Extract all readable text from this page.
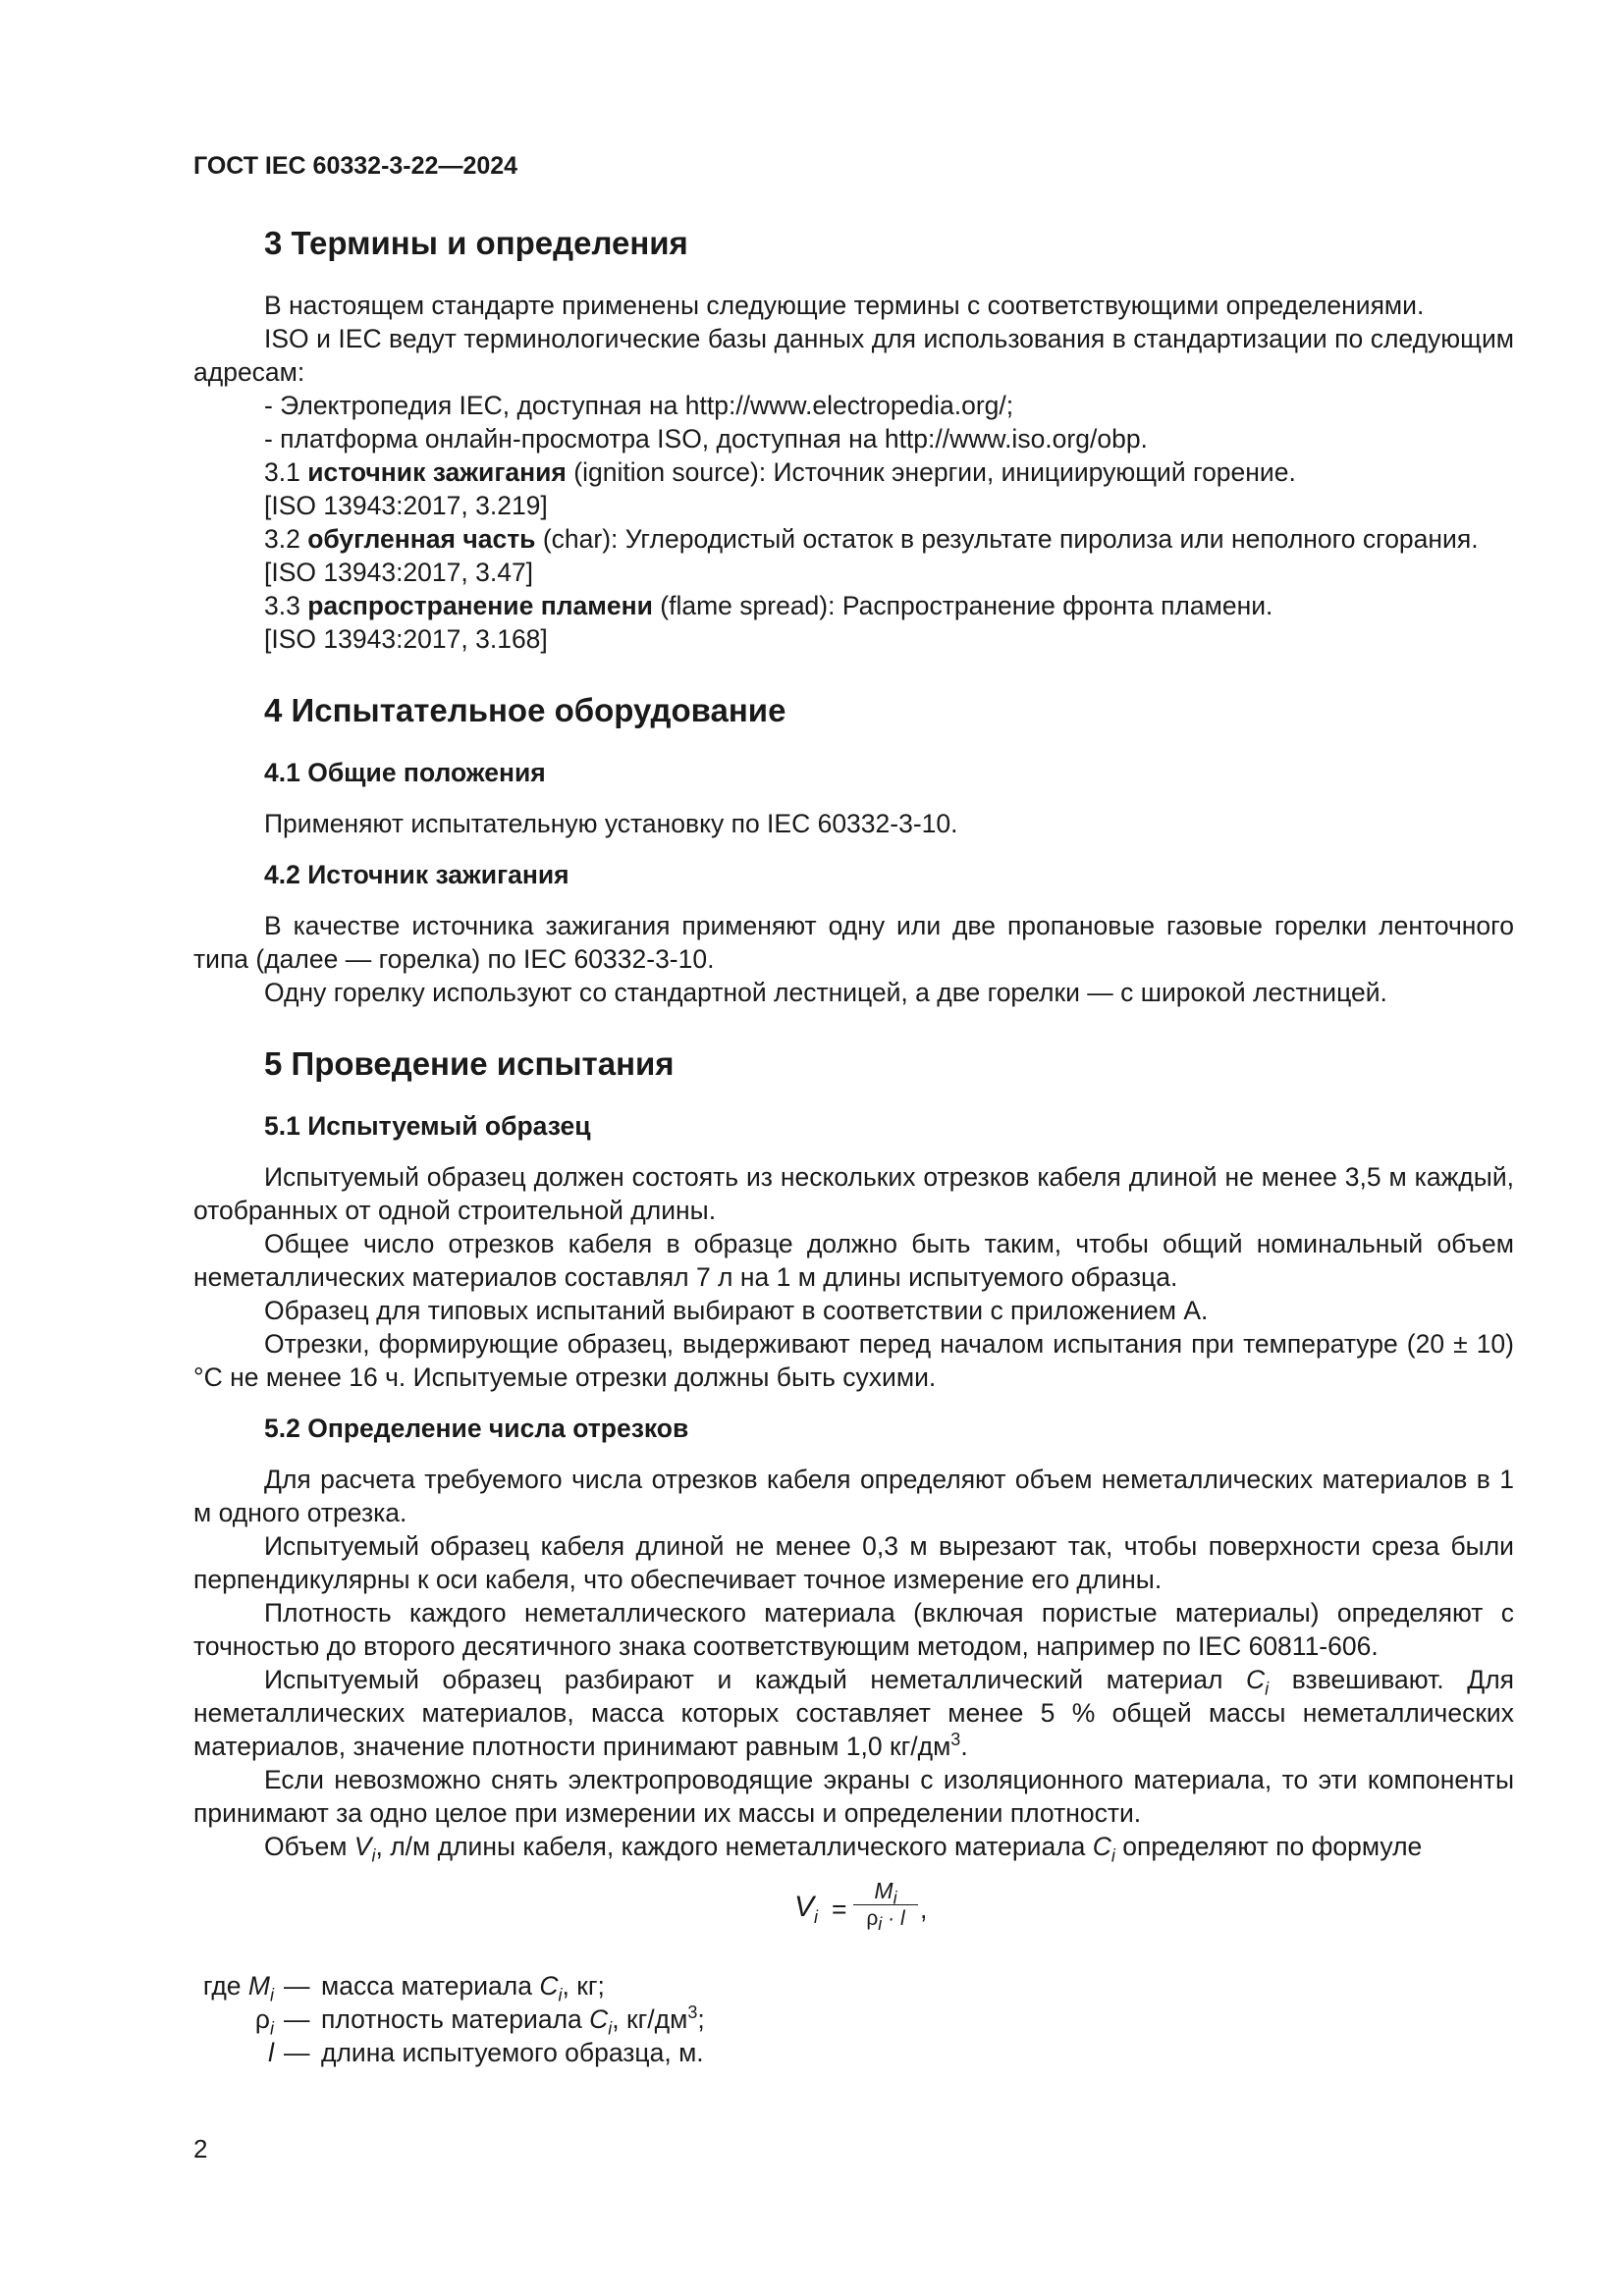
ГОСТ IEC 60332-3-22—2024
3 Термины и определения

В настоящем стандарте применены следующие термины с соответствующими определениями.

ISO и IEC ведут терминологические базы данных для использования в стандартизации по следующим адресам:

- Электропедия IEC, доступная на http://www.electropedia.org/;

- платформа онлайн-просмотра ISO, доступная на http://www.iso.org/obp.

3.1 источник зажигания (ignition source): Источник энергии, инициирующий горение.

[ISO 13943:2017, 3.219]

3.2 обугленная часть (char): Углеродистый остаток в результате пиролиза или неполного сгорания.

[ISO 13943:2017, 3.47]

3.3 распространение пламени (flame spread): Распространение фронта пламени.

[ISO 13943:2017, 3.168]

4 Испытательное оборудование
4.1 Общие положения

Применяют испытательную установку по IEC 60332-3-10.

4.2 Источник зажигания

В качестве источника зажигания применяют одну или две пропановые газовые горелки ленточного типа (далее — горелка) по IEC 60332-3-10.

Одну горелку используют со стандартной лестницей, а две горелки — с широкой лестницей.

5 Проведение испытания
5.1 Испытуемый образец

Испытуемый образец должен состоять из нескольких отрезков кабеля длиной не менее 3,5 м каждый, отобранных от одной строительной длины.

Общее число отрезков кабеля в образце должно быть таким, чтобы общий номинальный объем неметаллических материалов составлял 7 л на 1 м длины испытуемого образца.

Образец для типовых испытаний выбирают в соответствии с приложением А.

Отрезки, формирующие образец, выдерживают перед началом испытания при температуре (20 ± 10) °С не менее 16 ч. Испытуемые отрезки должны быть сухими.

5.2 Определение числа отрезков

Для расчета требуемого числа отрезков кабеля определяют объем неметаллических материалов в 1 м одного отрезка.

Испытуемый образец кабеля длиной не менее 0,3 м вырезают так, чтобы поверхности среза были перпендикулярны к оси кабеля, что обеспечивает точное измерение его длины.

Плотность каждого неметаллического материала (включая пористые материалы) определяют с точностью до второго десятичного знака соответствующим методом, например по IEC 60811-606.

Испытуемый образец разбирают и каждый неметаллический материал $C_i$ взвешивают. Для неметаллических материалов, масса которых составляет менее 5 % общей массы неметаллических материалов, значение плотности принимают равным 1,0 $кг/дм^3$.

Если невозможно снять электропроводящие экраны с изоляционного материала, то эти компоненты принимают за одно целое при измерении их массы и определении плотности.

Объем $V_i$, л/м длины кабеля, каждого неметаллического материала $C_i$ определяют по формуле

$V_i = \frac{M_i}{\rho_i \cdot l}$ ,
где $M_i$ — масса материала $C_i$, кг;
$\rho_i$ — плотность материала $C_i$, $кг/дм^3$;
l — длина испытуемого образца, м.
2
